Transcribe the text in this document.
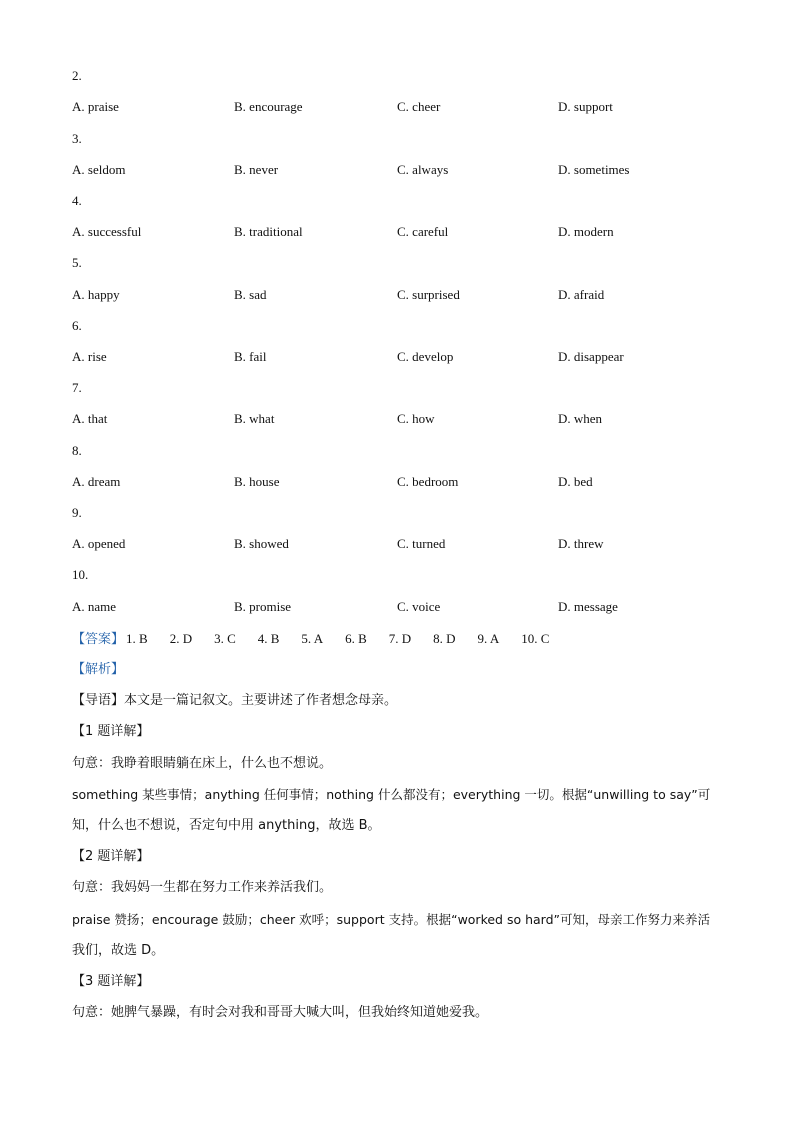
2.
A. praise	B. encourage	C. cheer	D. support
3.
A. seldom	B. never	C. always	D. sometimes
4.
A. successful	B. traditional	C. careful	D. modern
5.
A. happy	B. sad	C. surprised	D. afraid
6.
A. rise	B. fail	C. develop	D. disappear
7.
A. that	B. what	C. how	D. when
8.
A. dream	B. house	C. bedroom	D. bed
9.
A. opened	B. showed	C. turned	D. threw
10.
A. name	B. promise	C. voice	D. message
【答案】 1. B 2. D 3. C 4. B 5. A 6. B 7. D 8. D 9. A 10. C
【解析】
【导语】本文是一篇记叙文。主要讲述了作者想念母亲。
【1 题详解】
句意：我睁着眼睛躺在床上，什么也不想说。
something 某些事情；anything 任何事情；nothing 什么都没有；everything 一切。根据“unwilling to say”可
知，什么也不想说，否定句中用 anything，故选 B。
【2 题详解】
句意：我妈妈一生都在努力工作来养活我们。
praise 赞扬；encourage 鼓励；cheer 欢呼；support 支持。根据“worked so hard”可知，母亲工作努力来养活
我们，故选 D。
【3 题详解】
句意：她脾气暴躁，有时会对我和哥哥大喊大叫，但我始终知道她爱我。
